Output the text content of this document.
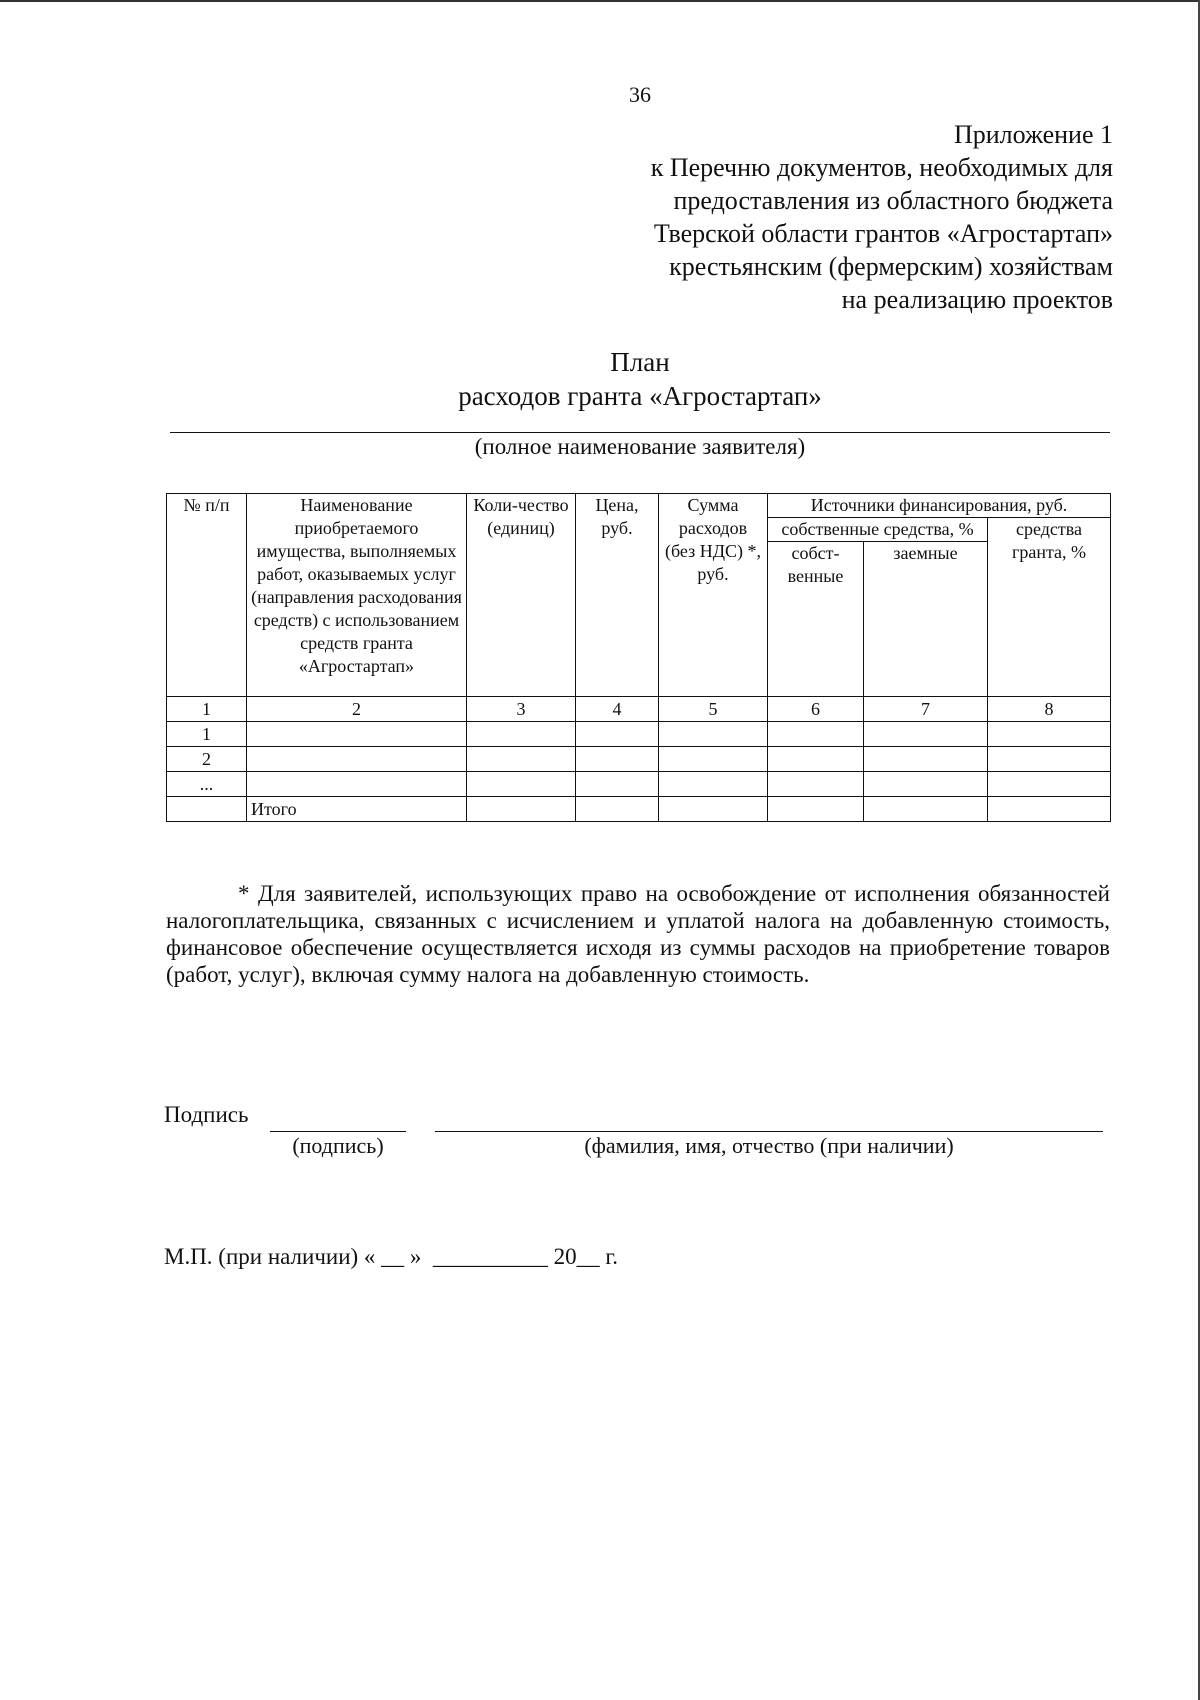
36
Приложение 1
к Перечню документов, необходимых для
предоставления из областного бюджета
Тверской области грантов «Агростартап»
крестьянским (фермерским) хозяйствам
на реализацию проектов
План
расходов гранта «Агростартап»
(полное наименование заявителя)
№ п/п	Наименование приобретаемого имущества, выполняемых работ, оказываемых услуг (направления расходования средств) с использованием средств гранта «Агростартап»	Коли-чество (единиц)	Цена, руб.	Сумма расходов (без НДС) *, руб.	Источники финансирования, руб.		
					собственные средства, %		средства гранта, %
					собст-венные	заемные	
1	2	3	4	5	6	7	8
1							
2							
...							
	Итого						
* Для заявителей, использующих право на освобождение от исполнения обязанностей налогоплательщика, связанных с исчислением и уплатой налога на добавленную стоимость, финансовое обеспечение осуществляется исходя из суммы расходов на приобретение товаров (работ, услуг), включая сумму налога на добавленную стоимость.
Подпись
(подпись)	(фамилия, имя, отчество (при наличии)
М.П. (при наличии) « __ »  __________ 20__ г.
